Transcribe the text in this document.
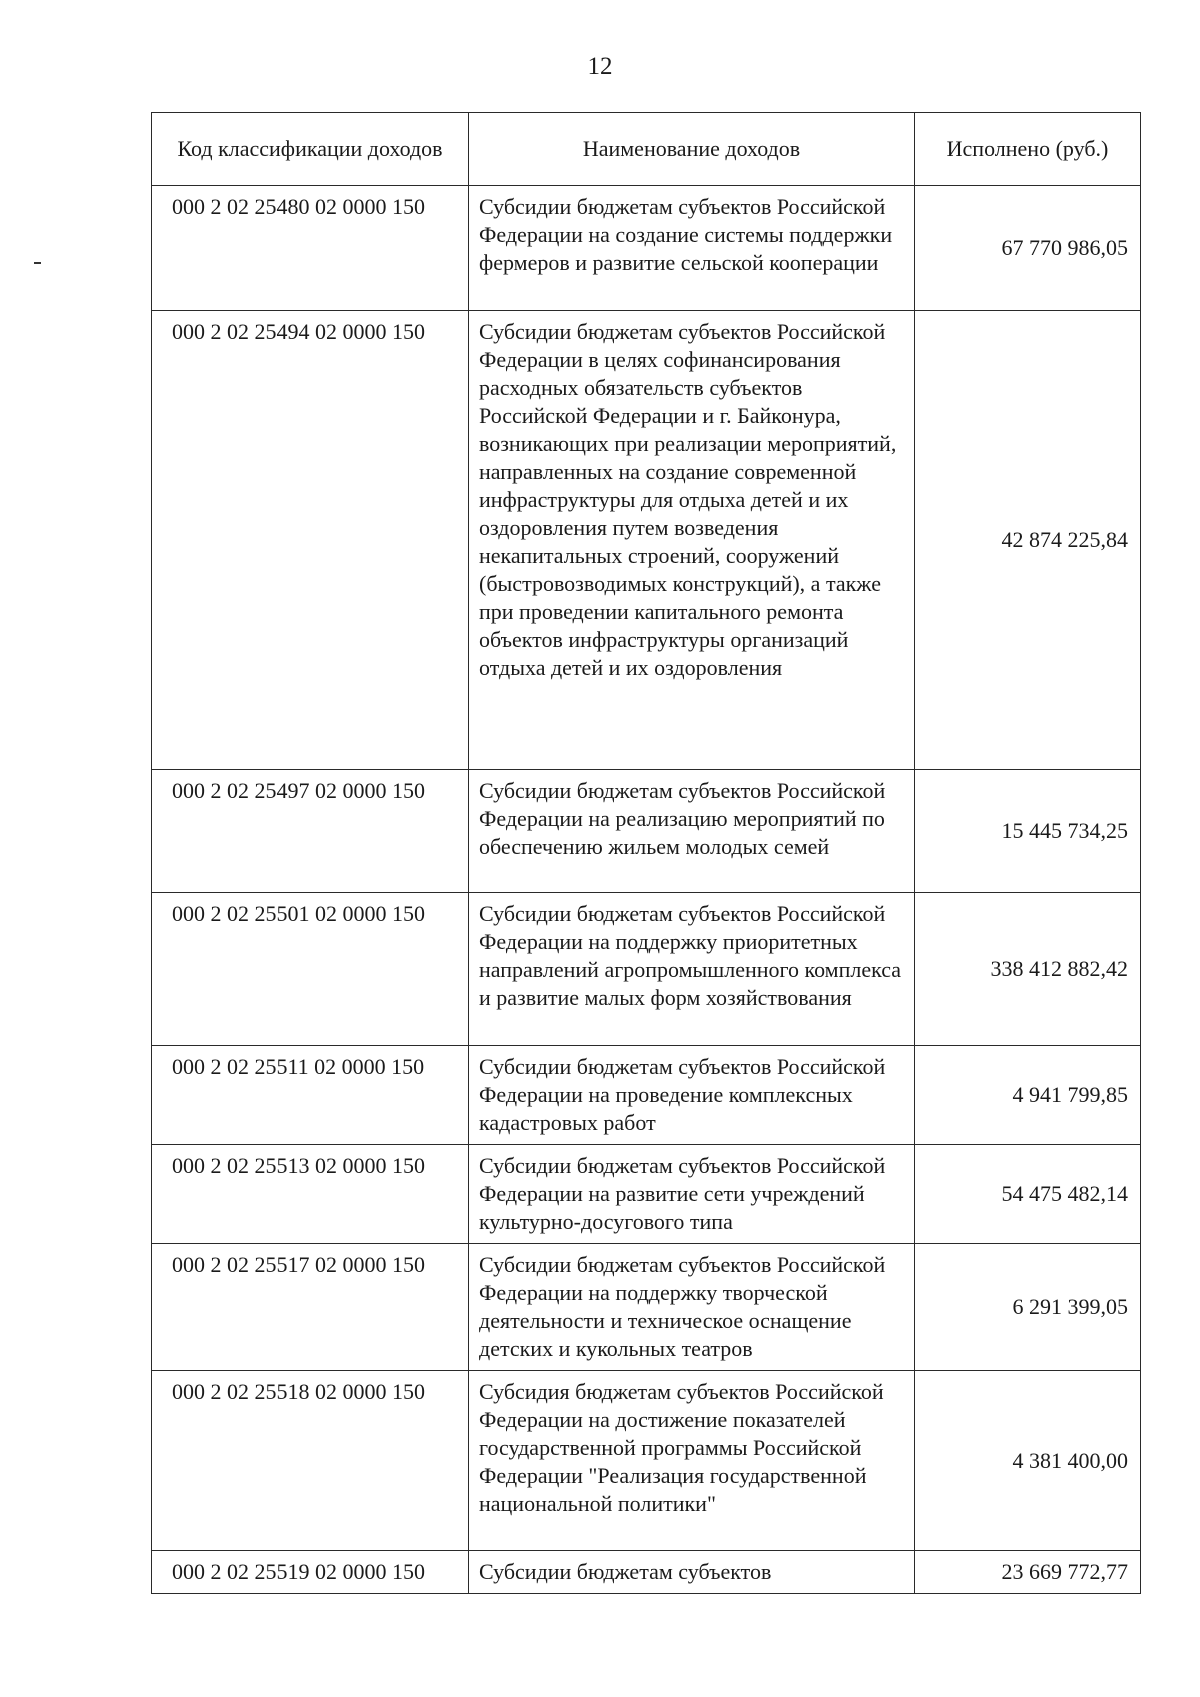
12
Код классификации доходов	Наименование доходов	Исполнено (руб.)
000 2 02 25480 02 0000 150	Субсидии бюджетам субъектов Российской Федерации на создание системы поддержки фермеров и развитие сельской кооперации	67 770 986,05
000 2 02 25494 02 0000 150	Субсидии бюджетам субъектов Российской Федерации в целях софинансирования расходных обязательств субъектов Российской Федерации и г. Байконура, возникающих при реализации мероприятий, направленных на создание современной инфраструктуры для отдыха детей и их оздоровления путем возведения некапитальных строений, сооружений (быстровозводимых конструкций), а также при проведении капитального ремонта объектов инфраструктуры организаций отдыха детей и их оздоровления	42 874 225,84
000 2 02 25497 02 0000 150	Субсидии бюджетам субъектов Российской Федерации на реализацию мероприятий по обеспечению жильем молодых семей	15 445 734,25
000 2 02 25501 02 0000 150	Субсидии бюджетам субъектов Российской Федерации на поддержку приоритетных направлений агропромышленного комплекса и развитие малых форм хозяйствования	338 412 882,42
000 2 02 25511 02 0000 150	Субсидии бюджетам субъектов Российской Федерации на проведение комплексных кадастровых работ	4 941 799,85
000 2 02 25513 02 0000 150	Субсидии бюджетам субъектов Российской Федерации на развитие сети учреждений культурно-досугового типа	54 475 482,14
000 2 02 25517 02 0000 150	Субсидии бюджетам субъектов Российской Федерации на поддержку творческой деятельности и техническое оснащение детских и кукольных театров	6 291 399,05
000 2 02 25518 02 0000 150	Субсидия бюджетам субъектов Российской Федерации на достижение показателей государственной программы Российской Федерации "Реализация государственной национальной политики"	4 381 400,00
000 2 02 25519 02 0000 150	Субсидии бюджетам субъектов	23 669 772,77
